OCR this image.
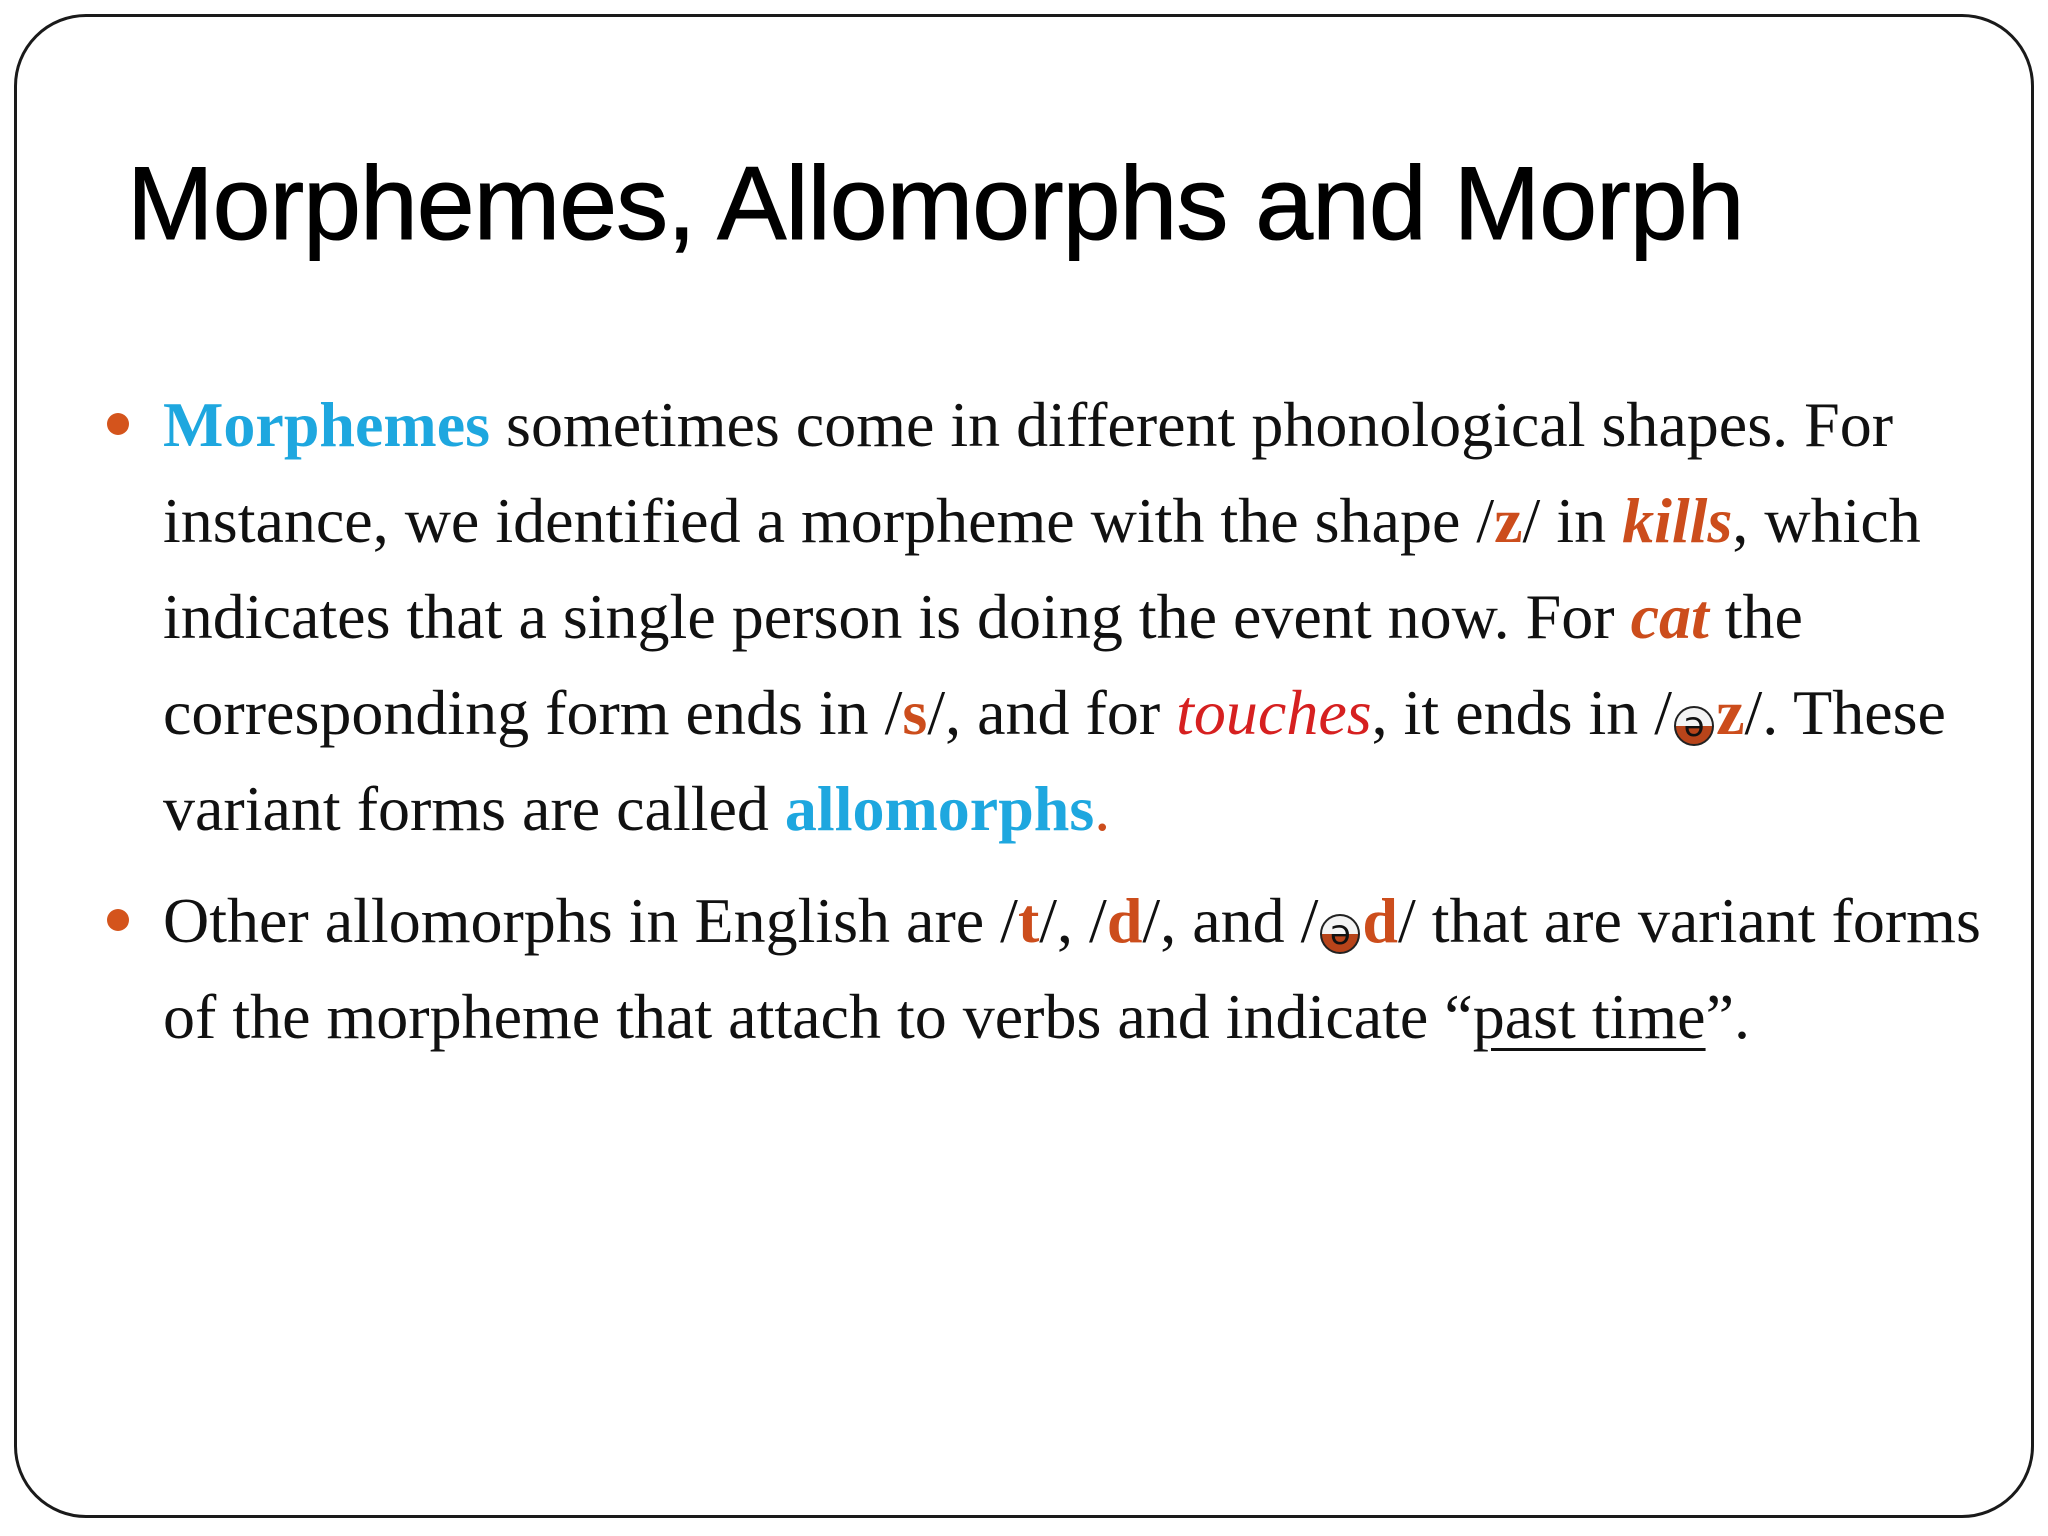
Morphemes, Allomorphs and Morph
Morphemes sometimes come in different phonological shapes. For instance, we identified a morpheme with the shape /z/ in kills, which indicates that a single person is doing the event now. For cat the corresponding form ends in /s/, and for touches, it ends in / ə z/. These variant forms are called allomorphs.
Other allomorphs in English are /t/, /d/, and / ə d/ that are variant forms of the morpheme that attach to verbs and indicate “past time”.
